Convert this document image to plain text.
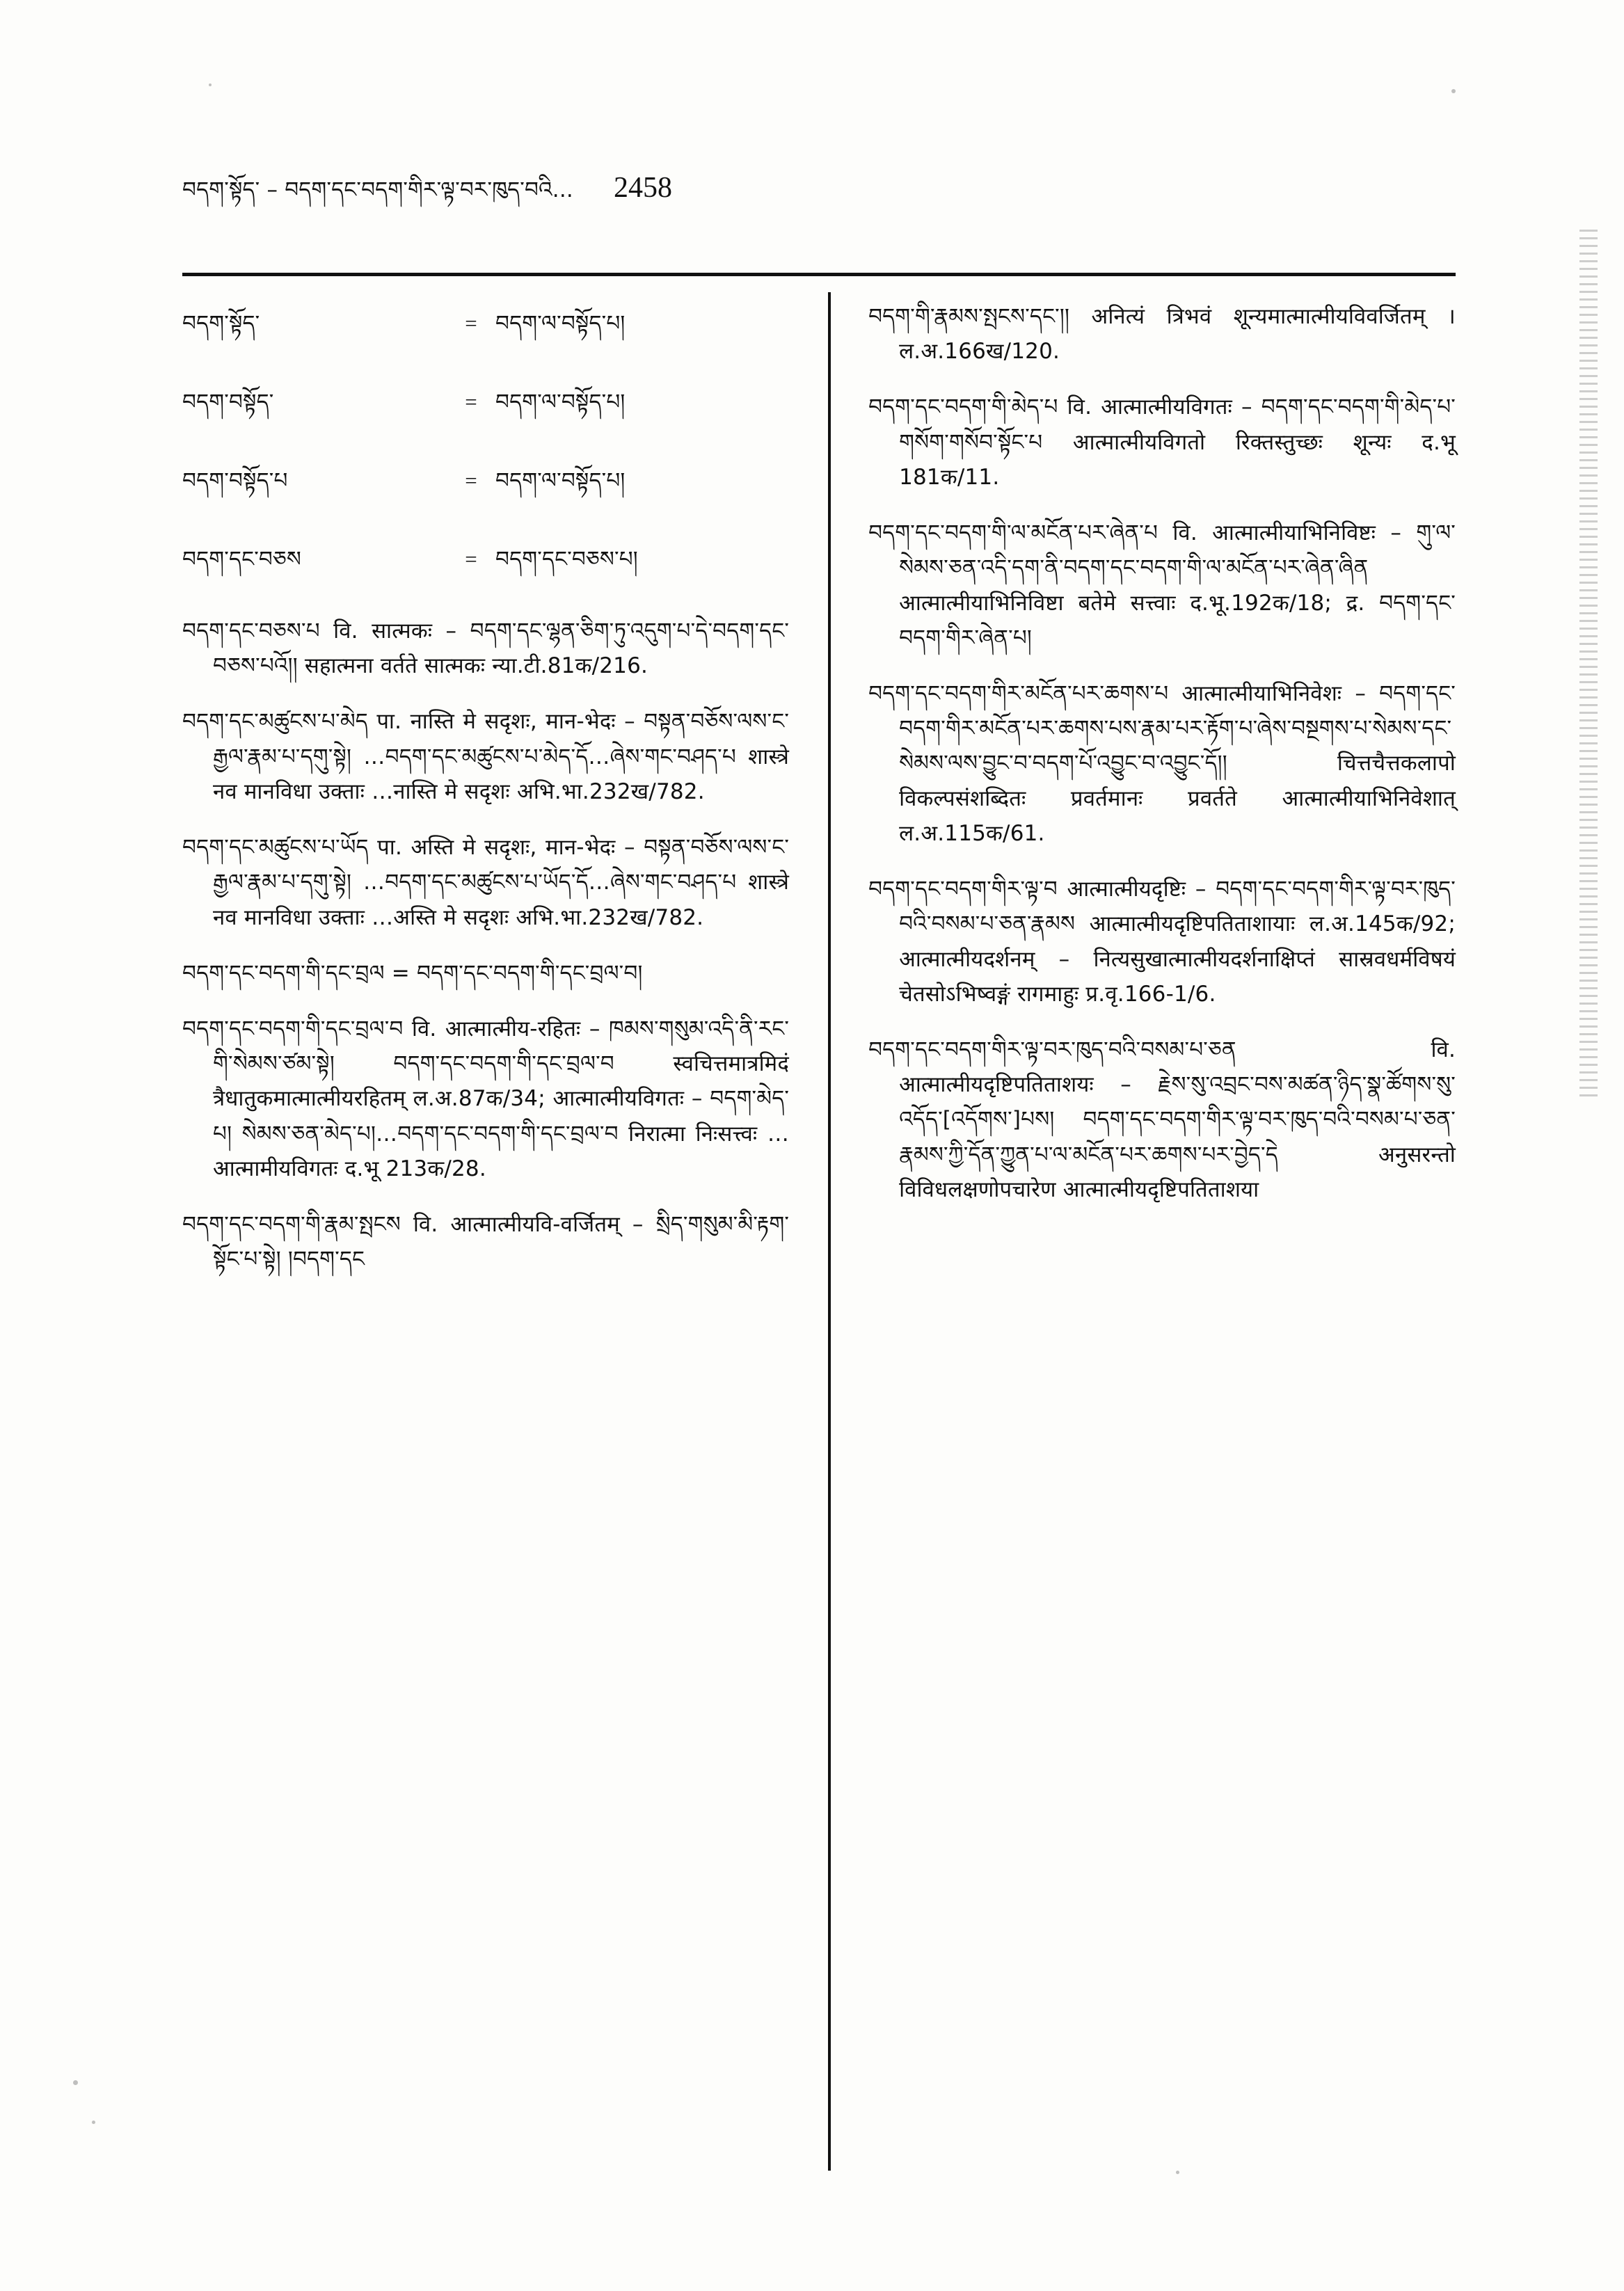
བདག་སྟོད་ – བདག་དང་བདག་གིར་ལྟ་བར་ཁུད་བའི... 2458
བདག་སྟོད་	= བདག་ལ་བསྟོད་པ།
བདག་བསྟོད་	= བདག་ལ་བསྟོད་པ།
བདག་བསྟོད་པ	= བདག་ལ་བསྟོད་པ།
བདག་དང་བཅས	= བདག་དང་བཅས་པ།
བདག་དང་བཅས་པ वि. सात्मकः – བདག་དང་ལྷན་ཅིག་ཏུ་འདུག་པ་དེ་བདག་དང་བཅས་པའོ།། सहात्मना वर्तते सात्मकः न्या.टी.81क/216.
བདག་དང་མཚུངས་པ་མེད पा. नास्ति मे सदृशः, मान-भेदः – བསྟན་བཅོས་ལས་ང་རྒྱལ་རྣམ་པ་དགུ་སྟེ། …བདག་དང་མཚུངས་པ་མེད་དོ…ཞེས་གང་བཤད་པ शास्त्रे नव मानविधा उक्ताः …नास्ति मे सदृशः अभि.भा.232ख/782.
བདག་དང་མཚུངས་པ་ཡོད पा. अस्ति मे सदृशः, मान-भेदः – བསྟན་བཅོས་ལས་ང་རྒྱལ་རྣམ་པ་དགུ་སྟེ། …བདག་དང་མཚུངས་པ་ཡོད་དོ…ཞེས་གང་བཤད་པ शास्त्रे नव मानविधा उक्ताः …अस्ति मे सदृशः अभि.भा.232ख/782.
བདག་དང་བདག་གི་དང་བྲལ = བདག་དང་བདག་གི་དང་བྲལ་བ།
བདག་དང་བདག་གི་དང་བྲལ་བ वि. आत्मात्मीय-रहितः – ཁམས་གསུམ་འདི་ནི་རང་གི་སེམས་ཙམ་སྟེ། བདག་དང་བདག་གི་དང་བྲལ་བ स्वचित्तमात्रमिदं त्रैधातुकमात्मात्मीयरहितम् ल.अ.87क/34; आत्मात्मीयविगतः – བདག་མེད་པ། སེམས་ཅན་མེད་པ།…བདག་དང་བདག་གི་དང་བྲལ་བ निरात्मा निःसत्त्वः …आत्मामीयविगतः द.भू 213क/28.
བདག་དང་བདག་གི་རྣམ་སྤངས वि. आत्मात्मीयवि-वर्जितम् – སྲིད་གསུམ་མི་རྟག་སྟོང་པ་སྟེ། །བདག་དང
བདག་གི་རྣམས་སྤངས་དང་།། अनित्यं त्रिभवं शून्यमात्मात्मीयविवर्जितम् । ल.अ.166ख/120.
བདག་དང་བདག་གི་མེད་པ वि. आत्मात्मीयविगतः – བདག་དང་བདག་གི་མེད་པ་གསོག་གསོབ་སྟོང་པ आत्मात्मीयविगतो रिक्तस्तुच्छः शून्यः द.भू 181क/11.
བདག་དང་བདག་གི་ལ་མངོན་པར་ཞེན་པ वि. आत्मात्मीयाभिनिविष्टः – གུ་ལ་སེམས་ཅན་འདི་དག་ནི་བདག་དང་བདག་གི་ལ་མངོན་པར་ཞེན་ཞིན आत्मात्मीयाभिनिविष्टा बतेमे सत्त्वाः द.भू.192क/18; द्र. བདག་དང་བདག་གིར་ཞེན་པ།
བདག་དང་བདག་གིར་མངོན་པར་ཆགས་པ आत्मात्मीयाभिनिवेशः – བདག་དང་བདག་གིར་མངོན་པར་ཆགས་པས་རྣམ་པར་རྟོག་པ་ཞེས་བསྔགས་པ་སེམས་དང་སེམས་ལས་བྱུང་བ་བདག་པོ་འབྱུང་བ་འབྱུང་དོ།། चित्तचैत्तकलापो विकल्पसंशब्दितः प्रवर्तमानः प्रवर्तते आत्मात्मीयाभिनिवेशात् ल.अ.115क/61.
བདག་དང་བདག་གིར་ལྟ་བ आत्मात्मीयदृष्टिः – བདག་དང་བདག་གིར་ལྟ་བར་ཁུད་བའི་བསམ་པ་ཅན་རྣམས आत्मात्मीयदृष्टिपतिताशायाः ल.अ.145क/92; आत्मात्मीयदर्शनम् – नित्यसुखात्मात्मीयदर्शनाक्षिप्तं सास्रवधर्मविषयं चेतसोऽभिष्वङ्गं रागमाहुः प्र.वृ.166-1/6.
བདག་དང་བདག་གིར་ལྟ་བར་ཁུད་བའི་བསམ་པ་ཅན वि. आत्मात्मीयदृष्टिपतिताशयः – རྗེས་སུ་འབྲང་བས་མཚན་ཉིད་སྣ་ཚོགས་སུ་འདོད་[འདོགས་]པས། བདག་དང་བདག་གིར་ལྟ་བར་ཁུད་བའི་བསམ་པ་ཅན་རྣམས་ཀྱི་དོན་ཀྱུན་པ་ལ་མངོན་པར་ཆགས་པར་བྱེད་དེ अनुसरन्तो विविधलक्षणोपचारेण आत्मात्मीयदृष्टिपतिताशया
